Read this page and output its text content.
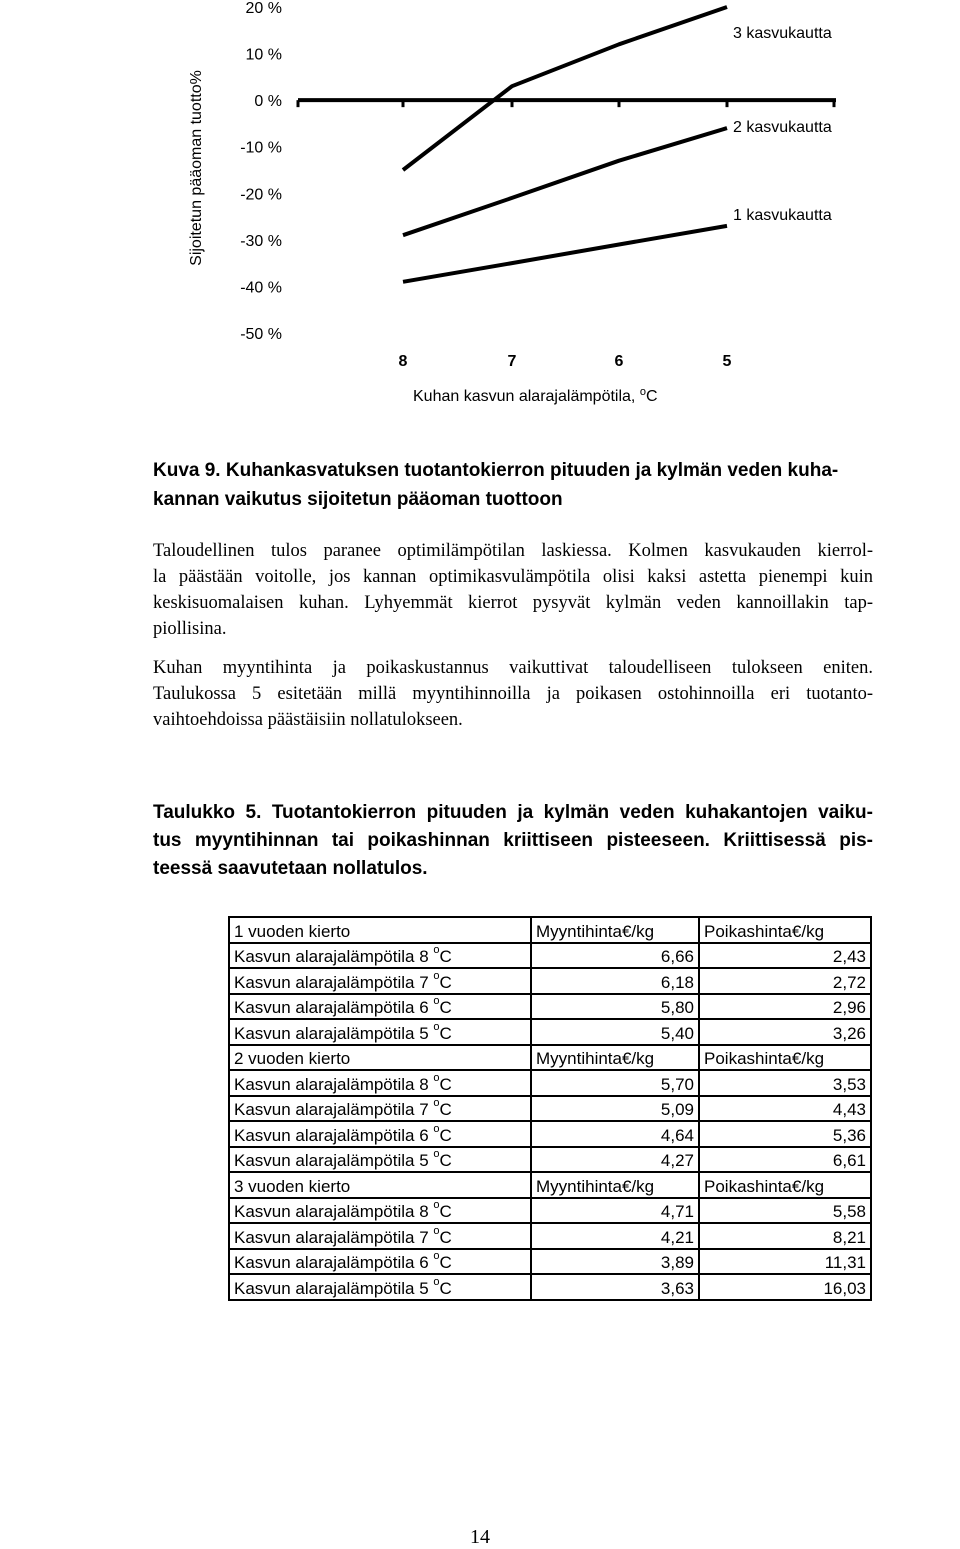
Sijoitetun pääoman tuotto%
20 %
10 %
0 %
-10 %
-20 %
-30 %
-40 %
-50 %
3 kasvukautta
2 kasvukautta
1 kasvukautta
8	7	6	5
Kuhan kasvun alarajalämpötila, $^o$C
Kuva 9. Kuhankasvatuksen tuotantokierron pituuden ja kylmän veden kuha-
kannan vaikutus sijoitetun pääoman tuottoon
Taloudellinen tulos paranee optimilämpötilan laskiessa. Kolmen kasvukauden kierrol-
la päästään voitolle, jos kannan optimikasvulämpötila olisi kaksi astetta pienempi kuin
keskisuomalaisen kuhan. Lyhyemmät kierrot pysyvät kylmän veden kannoillakin tap-
piollisina.
Kuhan myyntihinta ja poikaskustannus vaikuttivat taloudelliseen tulokseen eniten.
Taulukossa 5 esitetään millä myyntihinnoilla ja poikasen ostohinnoilla eri tuotanto-
vaihtoehdoissa päästäisiin nollatulokseen.
Taulukko 5. Tuotantokierron pituuden ja kylmän veden kuhakantojen vaiku-
tus myyntihinnan tai poikashinnan kriittiseen pisteeseen. Kriittisessä pis-
teessä saavutetaan nollatulos.
1 vuoden kierto	Myyntihinta€/kg	Poikashinta€/kg
Kasvun alarajalämpötila 8 $^o$C	6,66	2,43
Kasvun alarajalämpötila 7 $^o$C	6,18	2,72
Kasvun alarajalämpötila 6 $^o$C	5,80	2,96
Kasvun alarajalämpötila 5 $^o$C	5,40	3,26
2 vuoden kierto	Myyntihinta€/kg	Poikashinta€/kg
Kasvun alarajalämpötila 8 $^o$C	5,70	3,53
Kasvun alarajalämpötila 7 $^o$C	5,09	4,43
Kasvun alarajalämpötila 6 $^o$C	4,64	5,36
Kasvun alarajalämpötila 5 $^o$C	4,27	6,61
3 vuoden kierto	Myyntihinta€/kg	Poikashinta€/kg
Kasvun alarajalämpötila 8 $^o$C	4,71	5,58
Kasvun alarajalämpötila 7 $^o$C	4,21	8,21
Kasvun alarajalämpötila 6 $^o$C	3,89	11,31
Kasvun alarajalämpötila 5 $^o$C	3,63	16,03
14
